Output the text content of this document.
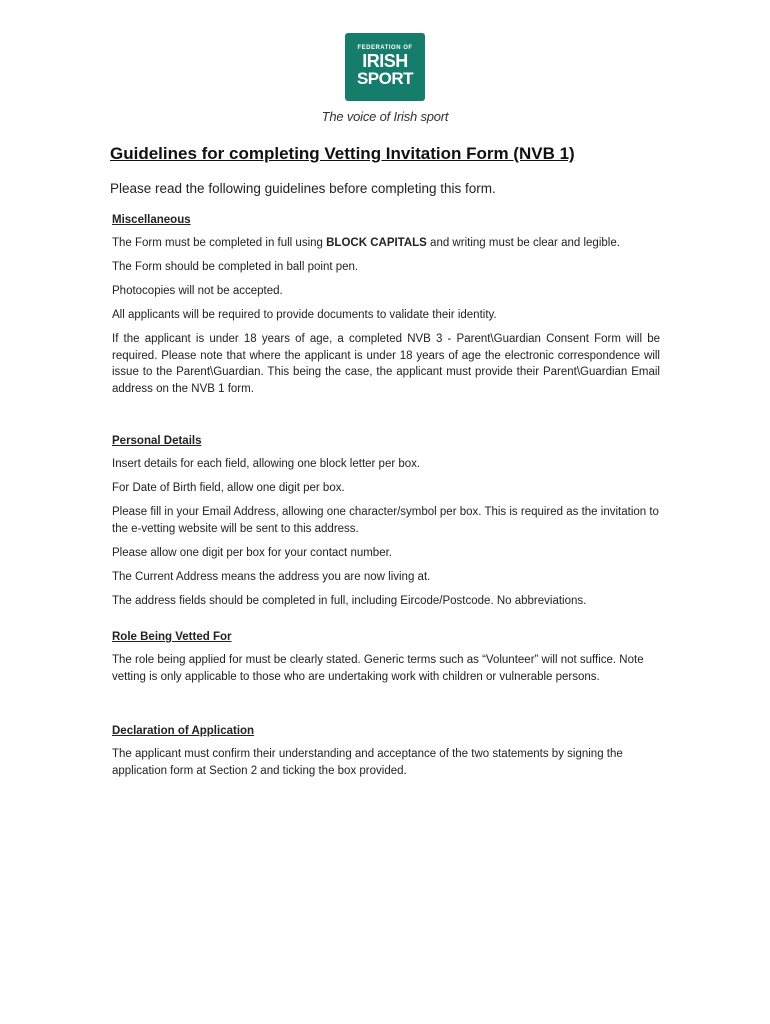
FEDERATION OF
IRISH
SPORT
The voice of Irish sport
Guidelines for completing Vetting Invitation Form (NVB 1)
Please read the following guidelines before completing this form.
Miscellaneous

The Form must be completed in full using BLOCK CAPITALS and writing must be clear and legible.

The Form should be completed in ball point pen.

Photocopies will not be accepted.

All applicants will be required to provide documents to validate their identity.

If the applicant is under 18 years of age, a completed NVB 3 - Parent\Guardian Consent Form will be required. Please note that where the applicant is under 18 years of age the electronic correspondence will issue to the Parent\Guardian. This being the case, the applicant must provide their Parent\Guardian Email address on the NVB 1 form.

Personal Details

Insert details for each field, allowing one block letter per box.

For Date of Birth field, allow one digit per box.

Please fill in your Email Address, allowing one character/symbol per box. This is required as the invitation to the e-vetting website will be sent to this address.

Please allow one digit per box for your contact number.

The Current Address means the address you are now living at.

The address fields should be completed in full, including Eircode/Postcode. No abbreviations.

Role Being Vetted For

The role being applied for must be clearly stated. Generic terms such as “Volunteer” will not suffice. Note vetting is only applicable to those who are undertaking work with children or vulnerable persons.

Declaration of Application

The applicant must confirm their understanding and acceptance of the two statements by signing the application form at Section 2 and ticking the box provided.
